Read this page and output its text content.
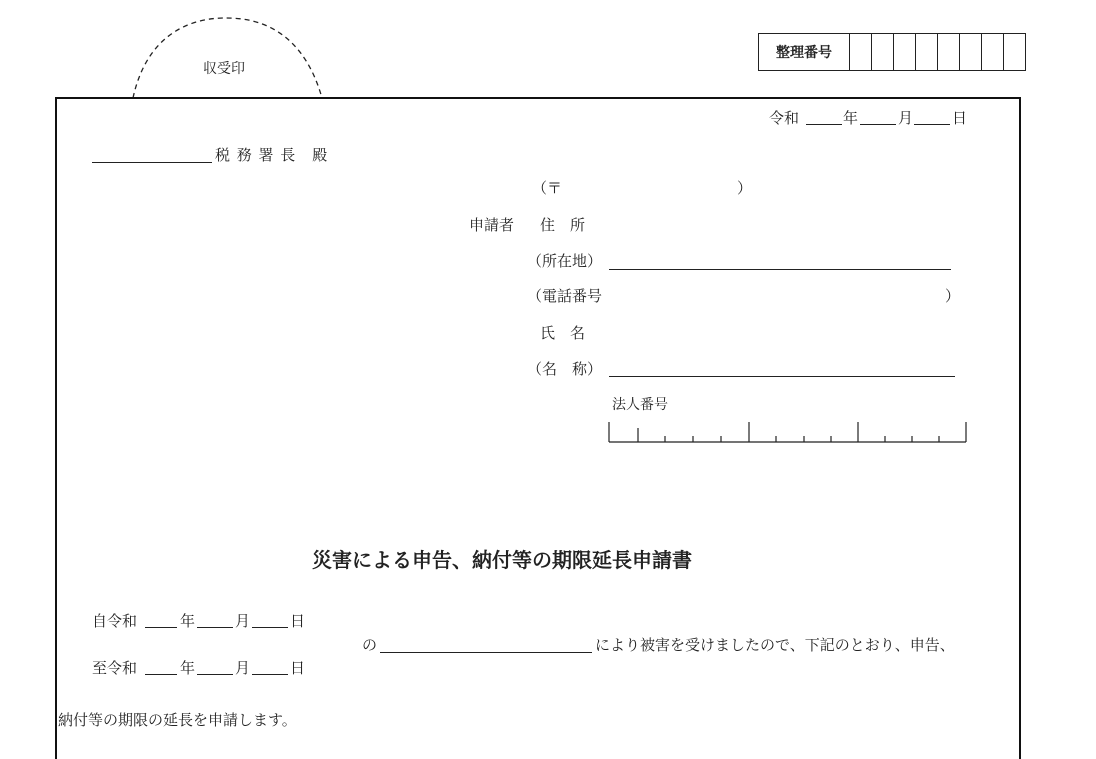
収受印
整理番号
令和	年	月	日
税 務 署 長　殿
（〒	）
申請者 住　所
（所在地）
（電話番号	）
氏　名
（名　称）
法人番号
災害による申告、納付等の期限延長申請書
自令和	年	月	日
至令和	年	月	日
の	により被害を受けましたので、下記のとおり、申告、
納付等の期限の延長を申請します。
